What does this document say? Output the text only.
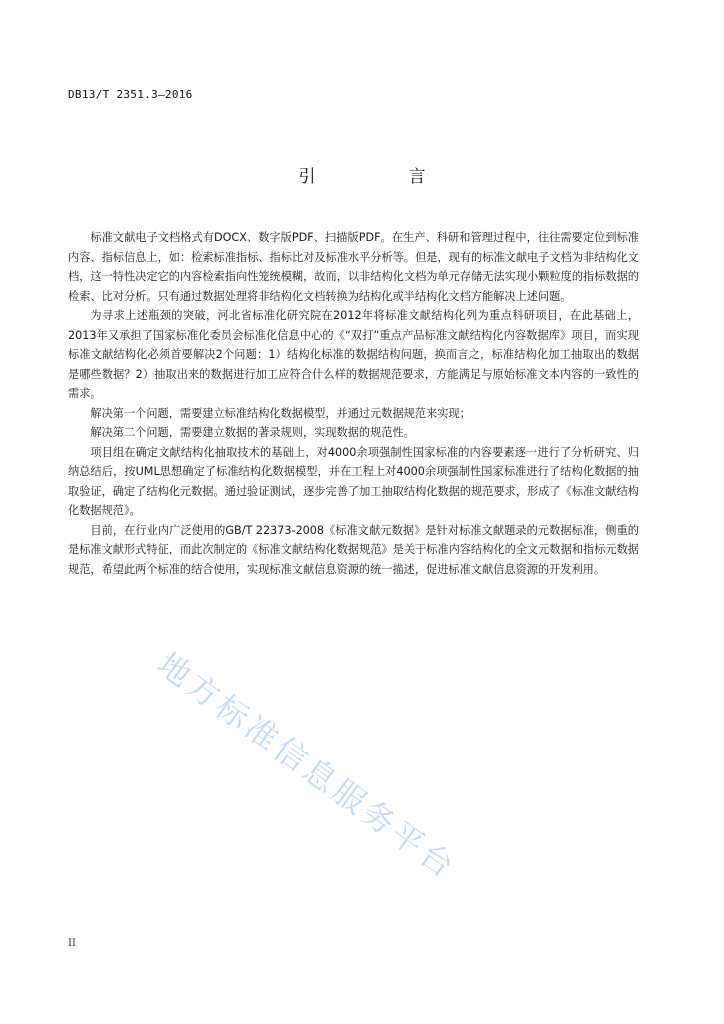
DB13/T 2351.3—2016
引　言

标准文献电子文档格式有DOCX、数字版PDF、扫描版PDF。在生产、科研和管理过程中，往往需要定位到标准内容、指标信息上，如：检索标准指标、指标比对及标准水平分析等。但是，现有的标准文献电子文档为非结构化文档，这一特性决定它的内容检索指向性笼统模糊，故而，以非结构化文档为单元存储无法实现小颗粒度的指标数据的检索、比对分析。只有通过数据处理将非结构化文档转换为结构化或半结构化文档方能解决上述问题。

为寻求上述瓶颈的突破，河北省标准化研究院在2012年将标准文献结构化列为重点科研项目，在此基础上，2013年又承担了国家标准化委员会标准化信息中心的《“双打”重点产品标准文献结构化内容数据库》项目，而实现标准文献结构化必须首要解决2个问题：1）结构化标准的数据结构问题，换而言之，标准结构化加工抽取出的数据是哪些数据？2）抽取出来的数据进行加工应符合什么样的数据规范要求，方能满足与原始标准文本内容的一致性的需求。

解决第一个问题，需要建立标准结构化数据模型，并通过元数据规范来实现；

解决第二个问题，需要建立数据的著录规则，实现数据的规范性。

项目组在确定文献结构化抽取技术的基础上，对4000余项强制性国家标准的内容要素逐一进行了分析研究、归纳总结后，按UML思想确定了标准结构化数据模型，并在工程上对4000余项强制性国家标准进行了结构化数据的抽取验证，确定了结构化元数据。通过验证测试，逐步完善了加工抽取结构化数据的规范要求，形成了《标准文献结构化数据规范》。

目前，在行业内广泛使用的GB/T 22373-2008《标准文献元数据》是针对标准文献题录的元数据标准，侧重的是标准文献形式特征，而此次制定的《标准文献结构化数据规范》是关于标准内容结构化的全文元数据和指标元数据规范，希望此两个标准的结合使用，实现标准文献信息资源的统一描述，促进标准文献信息资源的开发利用。

地方标准信息服务平台
II
